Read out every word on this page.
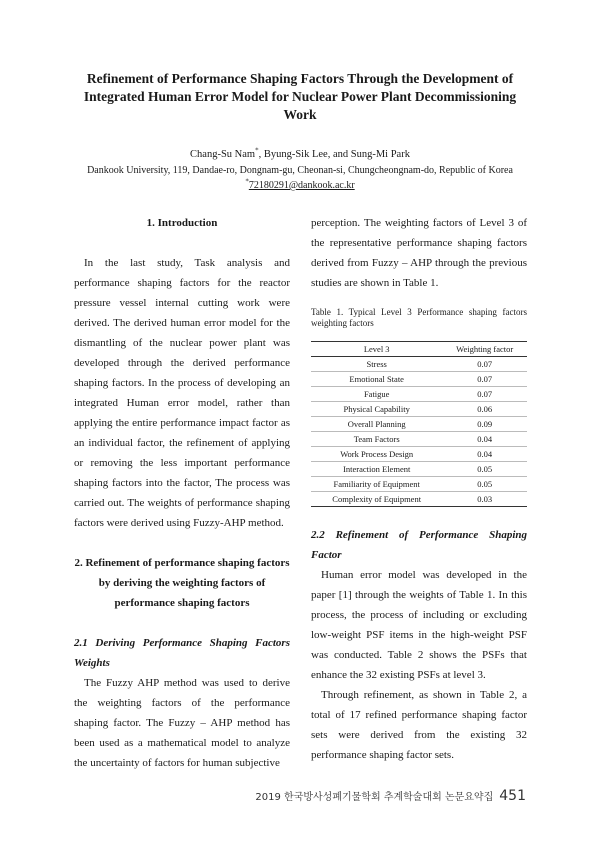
Refinement of Performance Shaping Factors Through the Development of
Integrated Human Error Model for Nuclear Power Plant Decommissioning
Work
Chang-Su Nam*, Byung-Sik Lee, and Sung-Mi Park
Dankook University, 119, Dandae-ro, Dongnam-gu, Cheonan-si, Chungcheongnam-do, Republic of Korea
*72180291@dankook.ac.kr
1. Introduction

In the last study, Task analysis and performance shaping factors for the reactor pressure vessel internal cutting work were derived. The derived human error model for the dismantling of the nuclear power plant was developed through the derived performance shaping factors. In the process of developing an integrated Human error model, rather than applying the entire performance impact factor as an individual factor, the refinement of applying or removing the less important performance shaping factors into the factor, The process was carried out. The weights of performance shaping factors were derived using Fuzzy-AHP method.

2. Refinement of performance shaping factors by deriving the weighting factors of performance shaping factors
2.1 Deriving Performance Shaping Factors Weights

The Fuzzy AHP method was used to derive the weighting factors of the performance shaping factor. The Fuzzy – AHP method has been used as a mathematical model to analyze the uncertainty of factors for human subjective

perception. The weighting factors of Level 3 of the representative performance shaping factors derived from Fuzzy – AHP through the previous studies are shown in Table 1.

Table 1. Typical Level 3 Performance shaping factors weighting factors

Level 3	Weighting factor
Stress	0.07
Emotional State	0.07
Fatigue	0.07
Physical Capability	0.06
Overall Planning	0.09
Team Factors	0.04
Work Process Design	0.04
Interaction Element	0.05
Familiarity of Equipment	0.05
Complexity of Equipment	0.03
2.2 Refinement of Performance Shaping Factor

Human error model was developed in the paper [1] through the weights of Table 1. In this process, the process of including or excluding low-weight PSF items in the high-weight PSF was conducted. Table 2 shows the PSFs that enhance the 32 existing PSFs at level 3.

Through refinement, as shown in Table 2, a total of 17 refined performance shaping factor sets were derived from the existing 32 performance shaping factor sets.

2019 한국방사성폐기물학회 추계학술대회 논문요약집 451
